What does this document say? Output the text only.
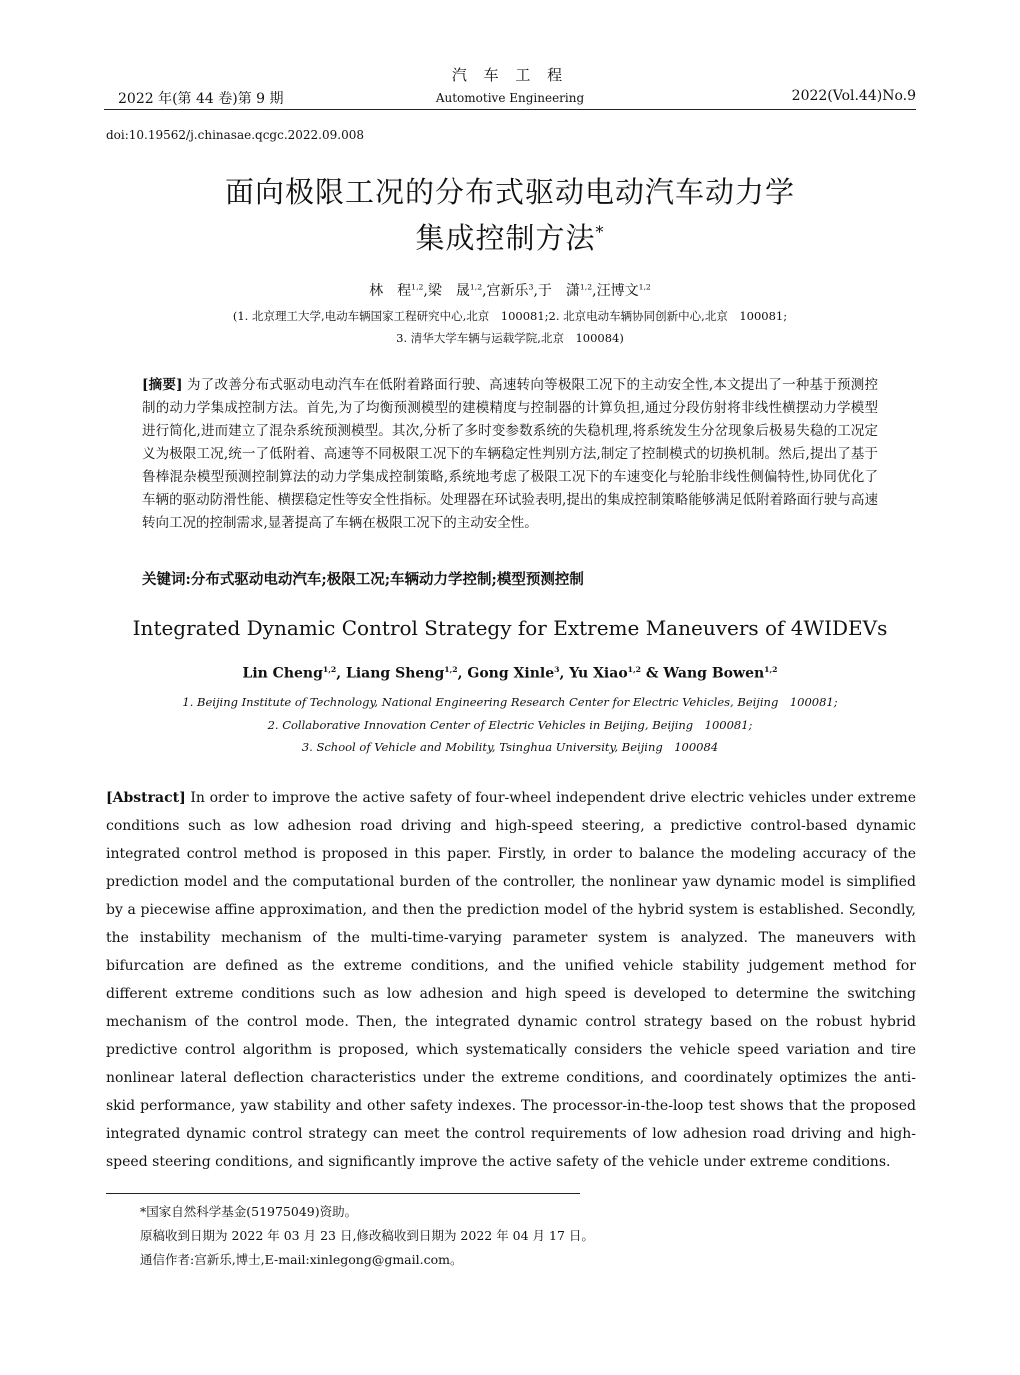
汽 车 工 程
2022 年(第 44 卷)第 9 期	Automotive Engineering	2022(Vol.44)No.9
doi:10.19562/j.chinasae.qcgc.2022.09.008
面向极限工况的分布式驱动电动汽车动力学
集成控制方法*
林　程$^{1,2}$,梁　晟$^{1,2}$,宫新乐$^3$,于　潇$^{1,2}$,汪博文$^{1,2}$
(1. 北京理工大学,电动车辆国家工程研究中心,北京　100081;2. 北京电动车辆协同创新中心,北京　100081;
3. 清华大学车辆与运载学院,北京　100084)
[摘要] 为了改善分布式驱动电动汽车在低附着路面行驶、高速转向等极限工况下的主动安全性,本文提出了一种基于预测控制的动力学集成控制方法。首先,为了均衡预测模型的建模精度与控制器的计算负担,通过分段仿射将非线性横摆动力学模型进行简化,进而建立了混杂系统预测模型。其次,分析了多时变参数系统的失稳机理,将系统发生分岔现象后极易失稳的工况定义为极限工况,统一了低附着、高速等不同极限工况下的车辆稳定性判别方法,制定了控制模式的切换机制。然后,提出了基于鲁棒混杂模型预测控制算法的动力学集成控制策略,系统地考虑了极限工况下的车速变化与轮胎非线性侧偏特性,协同优化了车辆的驱动防滑性能、横摆稳定性等安全性指标。处理器在环试验表明,提出的集成控制策略能够满足低附着路面行驶与高速转向工况的控制需求,显著提高了车辆在极限工况下的主动安全性。
关键词:分布式驱动电动汽车;极限工况;车辆动力学控制;模型预测控制
Integrated Dynamic Control Strategy for Extreme Maneuvers of 4WIDEVs
Lin Cheng$^{1,2}$, Liang Sheng$^{1,2}$, Gong Xinle$^3$, Yu Xiao$^{1,2}$ & Wang Bowen$^{1,2}$
1. Beijing Institute of Technology, National Engineering Research Center for Electric Vehicles, Beijing　100081;
2. Collaborative Innovation Center of Electric Vehicles in Beijing, Beijing　100081;
3. School of Vehicle and Mobility, Tsinghua University, Beijing　100084
[Abstract] In order to improve the active safety of four-wheel independent drive electric vehicles under extreme conditions such as low adhesion road driving and high-speed steering, a predictive control-based dynamic integrated control method is proposed in this paper. Firstly, in order to balance the modeling accuracy of the prediction model and the computational burden of the controller, the nonlinear yaw dynamic model is simplified by a piecewise affine approximation, and then the prediction model of the hybrid system is established. Secondly, the instability mechanism of the multi-time-varying parameter system is analyzed. The maneuvers with bifurcation are defined as the extreme conditions, and the unified vehicle stability judgement method for different extreme conditions such as low adhesion and high speed is developed to determine the switching mechanism of the control mode. Then, the integrated dynamic control strategy based on the robust hybrid predictive control algorithm is proposed, which systematically considers the vehicle speed variation and tire nonlinear lateral deflection characteristics under the extreme conditions, and coordinately optimizes the anti-skid performance, yaw stability and other safety indexes. The processor-in-the-loop test shows that the proposed integrated dynamic control strategy can meet the control requirements of low adhesion road driving and high-speed steering conditions, and significantly improve the active safety of the vehicle under extreme conditions.
*国家自然科学基金(51975049)资助。
原稿收到日期为 2022 年 03 月 23 日,修改稿收到日期为 2022 年 04 月 17 日。
通信作者:宫新乐,博士,E-mail:xinlegong@gmail.com。
